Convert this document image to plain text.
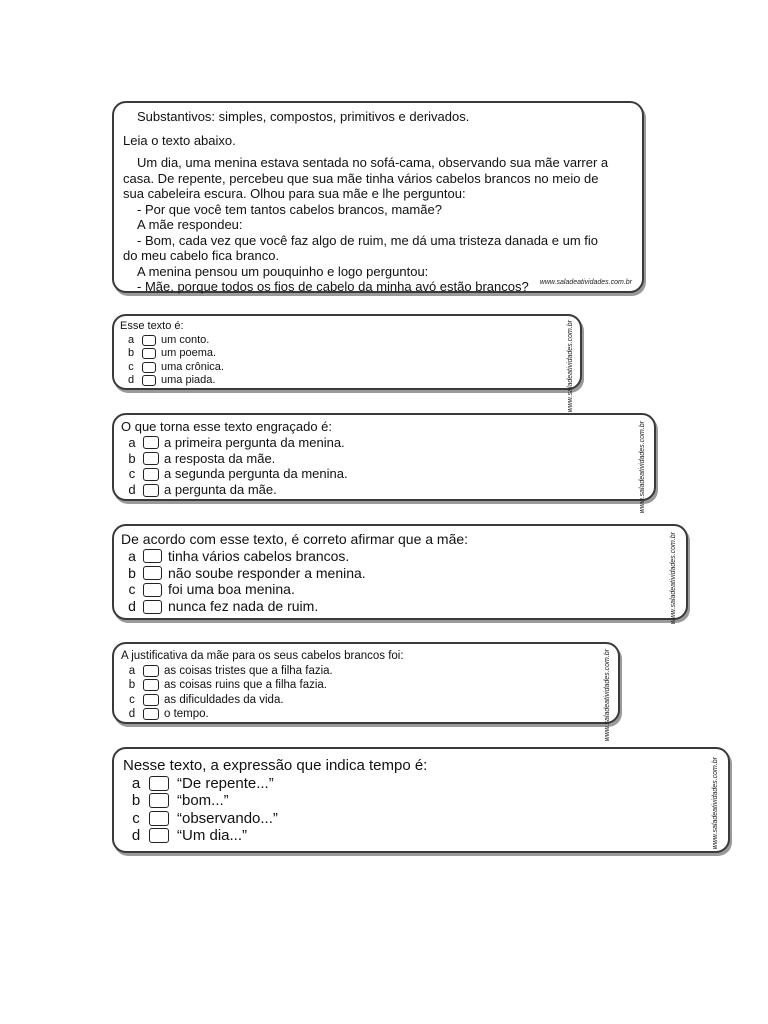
Substantivos: simples, compostos, primitivos e derivados.
Leia o texto abaixo.
Um dia, uma menina estava sentada no sofá-cama, observando sua mãe varrer a
casa. De repente, percebeu que sua mãe tinha vários cabelos brancos no meio de
sua cabeleira escura. Olhou para sua mãe e lhe perguntou:
- Por que você tem tantos cabelos brancos, mamãe?
A mãe respondeu:
- Bom, cada vez que você faz algo de ruim, me dá uma tristeza danada e um fio
do meu cabelo fica branco.
A menina pensou um pouquinho e logo perguntou:
- Mãe, porque todos os fios de cabelo da minha avó estão brancos?	www.saladeatividades.com.br
Esse texto é:
a	um conto.
b	um poema.
c	uma crônica.
d	uma piada.	www.saladeatividades.com.br
O que torna esse texto engraçado é:
a	a primeira pergunta da menina.
b	a resposta da mãe.
c	a segunda pergunta da menina.
d	a pergunta da mãe.	www.saladeatividades.com.br
De acordo com esse texto, é correto afirmar que a mãe:
a	tinha vários cabelos brancos.
b	não soube responder a menina.
c	foi uma boa menina.
d	nunca fez nada de ruim.	www.saladeatividades.com.br
A justificativa da mãe para os seus cabelos brancos foi:
a	as coisas tristes que a filha fazia.
b	as coisas ruins que a filha fazia.
c	as dificuldades da vida.
d	o tempo.	www.saladeatividades.com.br
Nesse texto, a expressão que indica tempo é:
a	“De repente...”
b	“bom...”
c	“observando...”
d	“Um dia...”	www.saladeatividades.com.br
